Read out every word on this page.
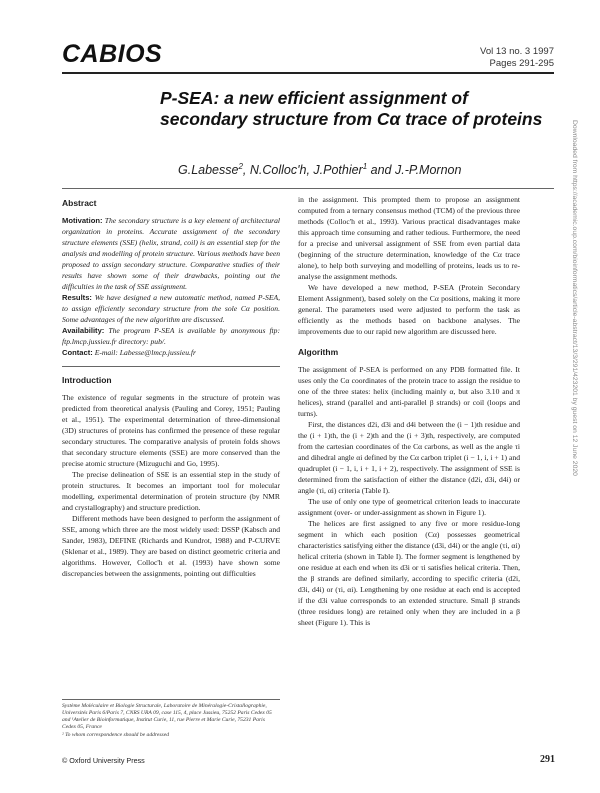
CABIOS	Vol 13 no. 3 1997
Pages 291-295
P-SEA: a new efficient assignment of secondary structure from Cα trace of proteins
G.Labesse$^2$, N.Colloc'h, J.Pothier$^1$ and J.-P.Mornon
Abstract

Motivation: The secondary structure is a key element of architectural organization in proteins. Accurate assignment of the secondary structure elements (SSE) (helix, strand, coil) is an essential step for the analysis and modelling of protein structure. Various methods have been proposed to assign secondary structure. Comparative studies of their results have shown some of their drawbacks, pointing out the difficulties in the task of SSE assignment.

Results: We have designed a new automatic method, named P-SEA, to assign efficiently secondary structure from the sole Cα position. Some advantages of the new algorithm are discussed.

Availability: The program P-SEA is available by anonymous ftp: ftp.lmcp.jussieu.fr directory: pub/.

Contact: E-mail: Labesse@lmcp.jussieu.fr

Introduction

The existence of regular segments in the structure of protein was predicted from theoretical analysis (Pauling and Corey, 1951; Pauling et al., 1951). The experimental determination of three-dimensional (3D) structures of proteins has confirmed the presence of these regular secondary structures. The comparative analysis of protein folds shows that secondary structure elements (SSE) are more conserved than the precise atomic structure (Mizuguchi and Go, 1995).

The precise delineation of SSE is an essential step in the study of protein structures. It becomes an important tool for molecular modelling, experimental determination of protein structure (by NMR and crystallography) and structure prediction.

Different methods have been designed to perform the assignment of SSE, among which three are the most widely used: DSSP (Kabsch and Sander, 1983), DEFINE (Richards and Kundrot, 1988) and P-CURVE (Sklenar et al., 1989). They are based on distinct geometric criteria and algorithms. However, Colloc'h et al. (1993) have shown some discrepancies between the assignments, pointing out difficulties

in the assignment. This prompted them to propose an assignment computed from a ternary consensus method (TCM) of the previous three methods (Colloc'h et al., 1993). Various practical disadvantages make this approach time consuming and rather tedious. Furthermore, the need for a precise and universal assignment of SSE from even partial data (beginning of the structure determination, knowledge of the Cα trace alone), to help both surveying and modelling of proteins, leads us to re-analyse the assignment methods.

We have developed a new method, P-SEA (Protein Secondary Element Assignment), based solely on the Cα positions, making it more general. The parameters used were adjusted to perform the task as efficiently as the methods based on backbone analyses. The improvements due to our rapid new algorithm are discussed here.

Algorithm

The assignment of P-SEA is performed on any PDB formatted file. It uses only the Cα coordinates of the protein trace to assign the residue to one of the three states: helix (including mainly α, but also 3.10 and π helices), strand (parallel and anti-parallel β strands) or coil (loops and turns).

First, the distances d2i, d3i and d4i between the (i − 1)th residue and the (i + 1)th, the (i + 2)th and the (i + 3)th, respectively, are computed from the cartesian coordinates of the Cα carbons, as well as the angle τi and dihedral angle αi defined by the Cα carbon triplet (i − 1, i, i + 1) and quadruplet (i − 1, i, i + 1, i + 2), respectively. The assignment of SSE is determined from the satisfaction of either the distance (d2i, d3i, d4i) or angle (τi, αi) criteria (Table I).

The use of only one type of geometrical criterion leads to inaccurate assignment (over- or under-assignment as shown in Figure 1).

The helices are first assigned to any five or more residue-long segment in which each position (Cα) possesses geometrical characteristics satisfying either the distance (d3i, d4i) or the angle (τi, αi) helical criteria (shown in Table I). The former segment is lengthened by one residue at each end when its d3i or τi satisfies helical criteria. Then, the β strands are defined similarly, according to specific criteria (d2i, d3i, d4i) or (τi, αi). Lengthening by one residue at each end is accepted if the d3i value corresponds to an extended structure. Small β strands (three residues long) are retained only when they are included in a β sheet (Figure 1). This is

Système Moléculaire et Biologie Structurale, Laboratoire de Minéralogie-Cristallographie, Universités Paris 6/Paris 7, CNRS URA 09, case 115, 4, place Jussieu, 75252 Paris Cedex 05 and ¹Atelier de Bioinformatique, Institut Curie, 11, rue Pierre et Marie Curie, 75231 Paris Cedex 05, France

² To whom correspondence should be addressed

© Oxford University Press	291
Downloaded from https://academic.oup.com/bioinformatics/article-abstract/13/3/291/423201 by guest on 12 June 2020
